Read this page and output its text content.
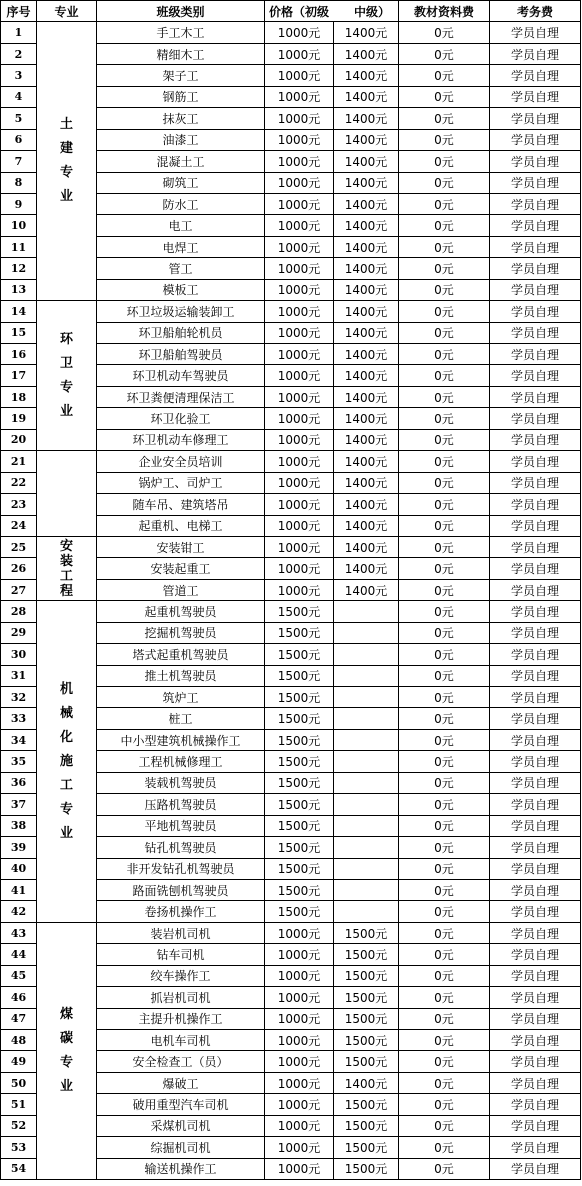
序号	专业	班级类别	价格（初级 中级）		教材资料费	考务费
1	土建专业	手工木工	1000元	1400元	0元	学员自理
2		精细木工	1000元	1400元	0元	学员自理
3		架子工	1000元	1400元	0元	学员自理
4		钢筋工	1000元	1400元	0元	学员自理
5		抹灰工	1000元	1400元	0元	学员自理
6		油漆工	1000元	1400元	0元	学员自理
7		混凝土工	1000元	1400元	0元	学员自理
8		砌筑工	1000元	1400元	0元	学员自理
9		防水工	1000元	1400元	0元	学员自理
10		电工	1000元	1400元	0元	学员自理
11		电焊工	1000元	1400元	0元	学员自理
12		管工	1000元	1400元	0元	学员自理
13		模板工	1000元	1400元	0元	学员自理
14	环卫专业	环卫垃圾运输装卸工	1000元	1400元	0元	学员自理
15		环卫船舶轮机员	1000元	1400元	0元	学员自理
16		环卫船舶驾驶员	1000元	1400元	0元	学员自理
17		环卫机动车驾驶员	1000元	1400元	0元	学员自理
18		环卫粪便清理保洁工	1000元	1400元	0元	学员自理
19		环卫化验工	1000元	1400元	0元	学员自理
20		环卫机动车修理工	1000元	1400元	0元	学员自理
21		企业安全员培训	1000元	1400元	0元	学员自理
22		锅炉工、司炉工	1000元	1400元	0元	学员自理
23		随车吊、建筑塔吊	1000元	1400元	0元	学员自理
24		起重机、电梯工	1000元	1400元	0元	学员自理
25	安装工程	安装钳工	1000元	1400元	0元	学员自理
26		安装起重工	1000元	1400元	0元	学员自理
27		管道工	1000元	1400元	0元	学员自理
28	机械化施工专业	起重机驾驶员	1500元		0元	学员自理
29		挖掘机驾驶员	1500元		0元	学员自理
30		塔式起重机驾驶员	1500元		0元	学员自理
31		推土机驾驶员	1500元		0元	学员自理
32		筑炉工	1500元		0元	学员自理
33		桩工	1500元		0元	学员自理
34		中小型建筑机械操作工	1500元		0元	学员自理
35		工程机械修理工	1500元		0元	学员自理
36		装载机驾驶员	1500元		0元	学员自理
37		压路机驾驶员	1500元		0元	学员自理
38		平地机驾驶员	1500元		0元	学员自理
39		钻孔机驾驶员	1500元		0元	学员自理
40		非开发钻孔机驾驶员	1500元		0元	学员自理
41		路面铣刨机驾驶员	1500元		0元	学员自理
42		卷扬机操作工	1500元		0元	学员自理
43	煤碳专业	装岩机司机	1000元	1500元	0元	学员自理
44		钻车司机	1000元	1500元	0元	学员自理
45		绞车操作工	1000元	1500元	0元	学员自理
46		抓岩机司机	1000元	1500元	0元	学员自理
47		主提升机操作工	1000元	1500元	0元	学员自理
48		电机车司机	1000元	1500元	0元	学员自理
49		安全检查工（员）	1000元	1500元	0元	学员自理
50		爆破工	1000元	1400元	0元	学员自理
51		破用重型汽车司机	1000元	1500元	0元	学员自理
52		采煤机司机	1000元	1500元	0元	学员自理
53		综掘机司机	1000元	1500元	0元	学员自理
54		输送机操作工	1000元	1500元	0元	学员自理
